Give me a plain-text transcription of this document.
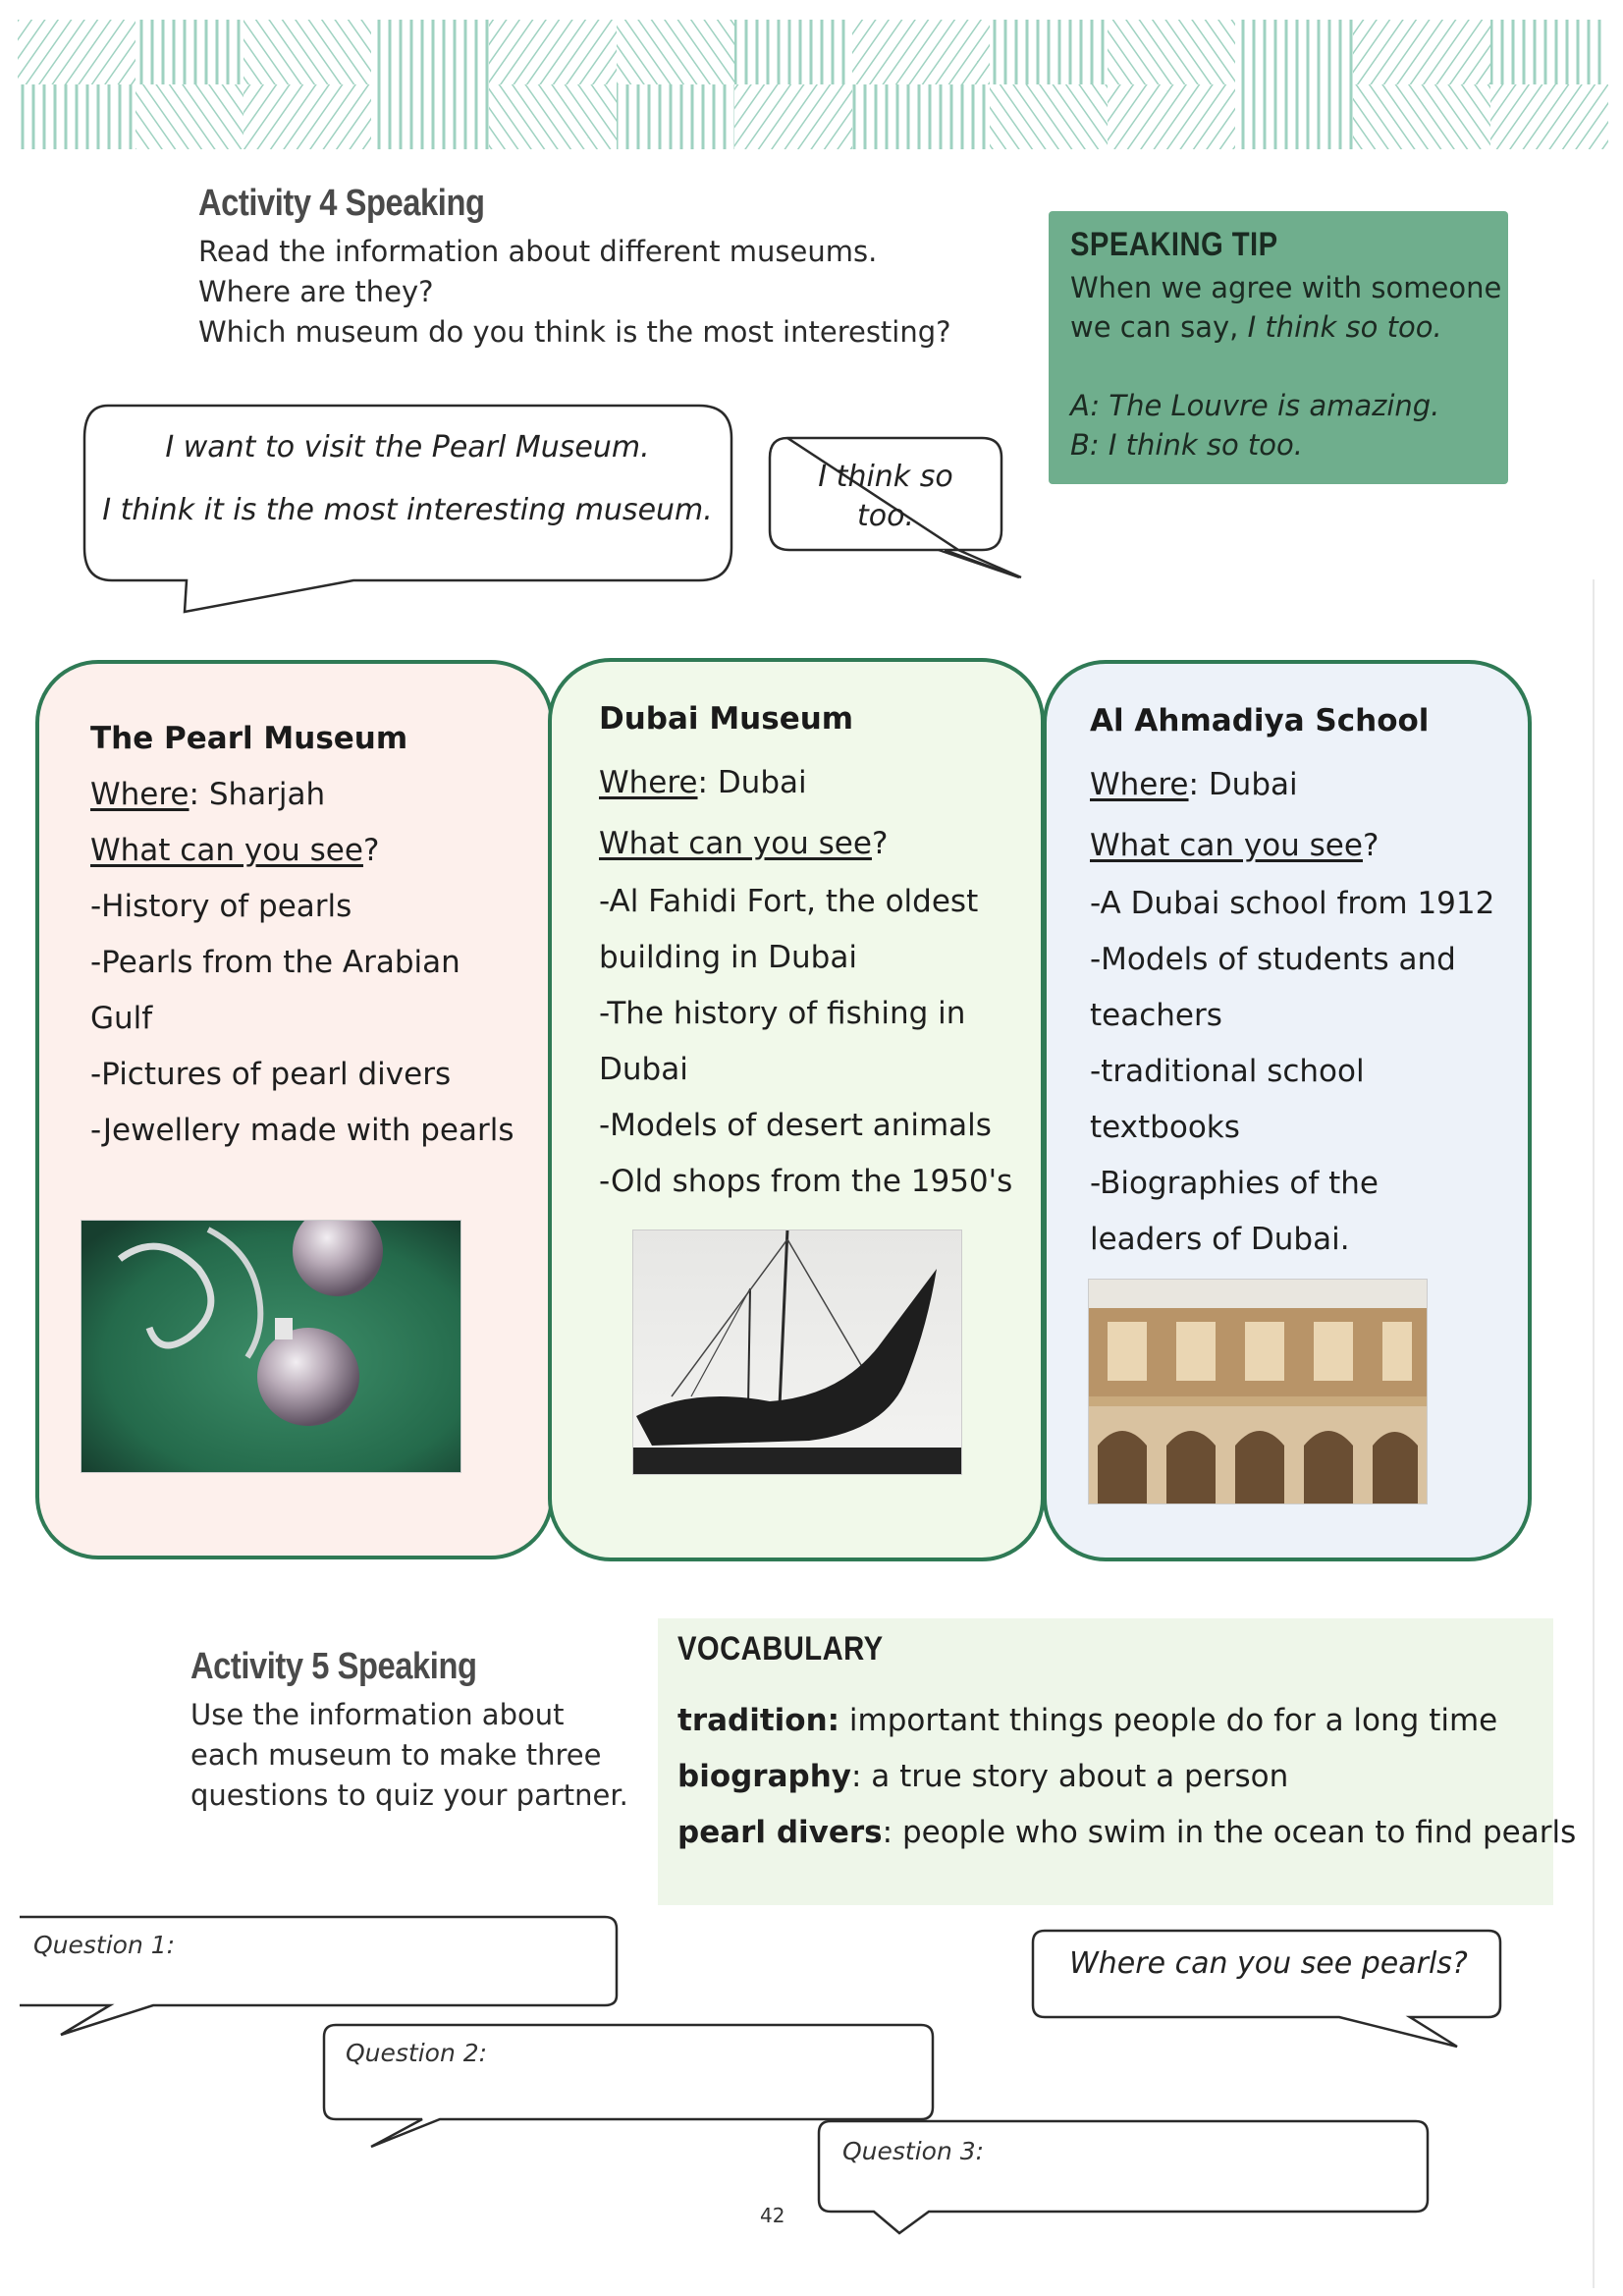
Activity 4 Speaking
Read the information about different museums.
Where are they?
Which museum do you think is the most interesting?
SPEAKING TIP
When we agree with someone
we can say, I think so too.
A: The Louvre is amazing.
B: I think so too.
I want to visit the Pearl Museum.
I think it is the most interesting museum.
I think so
too.
The Pearl Museum
Where: Sharjah
What can you see?
-History of pearls
-Pearls from the Arabian
Gulf
-Pictures of pearl divers
-Jewellery made with pearls
Dubai Museum
Where: Dubai
What can you see?
-Al Fahidi Fort, the oldest
building in Dubai
-The history of fishing in
Dubai
-Models of desert animals
-Old shops from the 1950's
Al Ahmadiya School
Where: Dubai
What can you see?
-A Dubai school from 1912
-Models of students and
teachers
-traditional school
textbooks
-Biographies of the
leaders of Dubai.
Activity 5 Speaking
Use the information about
each museum to make three
questions to quiz your partner.
VOCABULARY
tradition: important things people do for a long time
biography: a true story about a person
pearl divers: people who swim in the ocean to find pearls
Question 1:
Question 2:
Question 3:
Where can you see pearls?
42
